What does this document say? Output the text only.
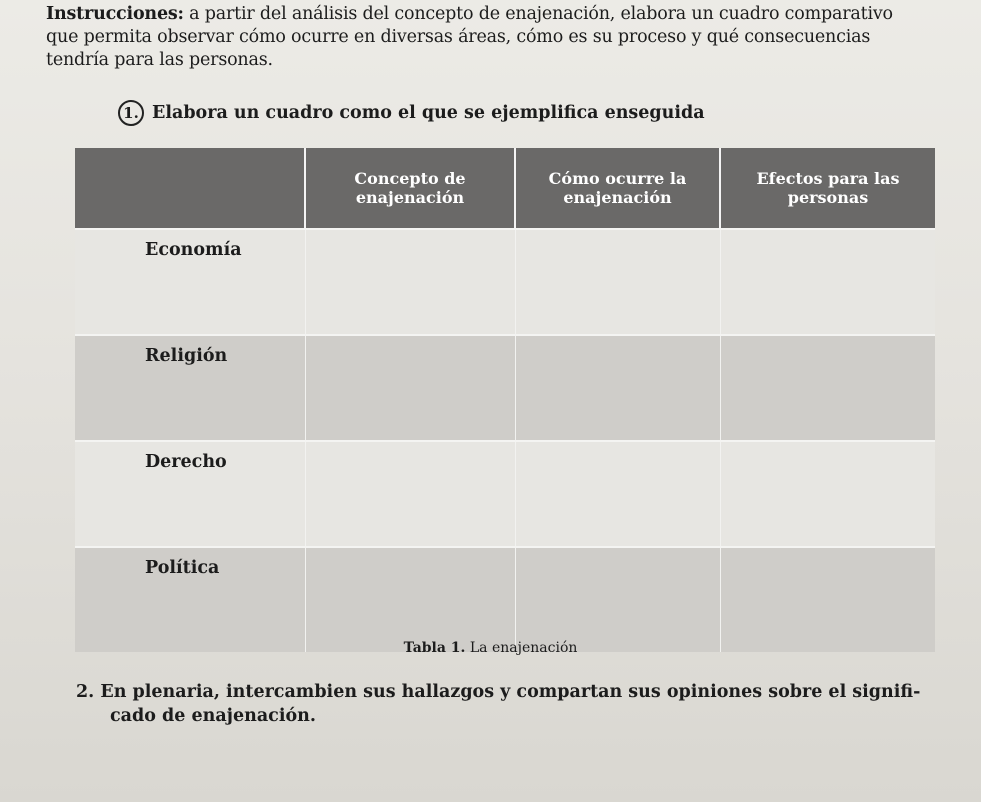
Instrucciones: a partir del análisis del concepto de enajenación, elabora un cuadro comparativo
que permita observar cómo ocurre en diversas áreas, cómo es su proceso y qué consecuencias
tendría para las personas.
1. Elabora un cuadro como el que se ejemplifica enseguida
	Concepto de enajenación	Cómo ocurre la enajenación	Efectos para las personas
Economía			
Religión			
Derecho			
Política			
Tabla 1. La enajenación
2. En plenaria, intercambien sus hallazgos y compartan sus opiniones sobre el signifi-
cado de enajenación.
